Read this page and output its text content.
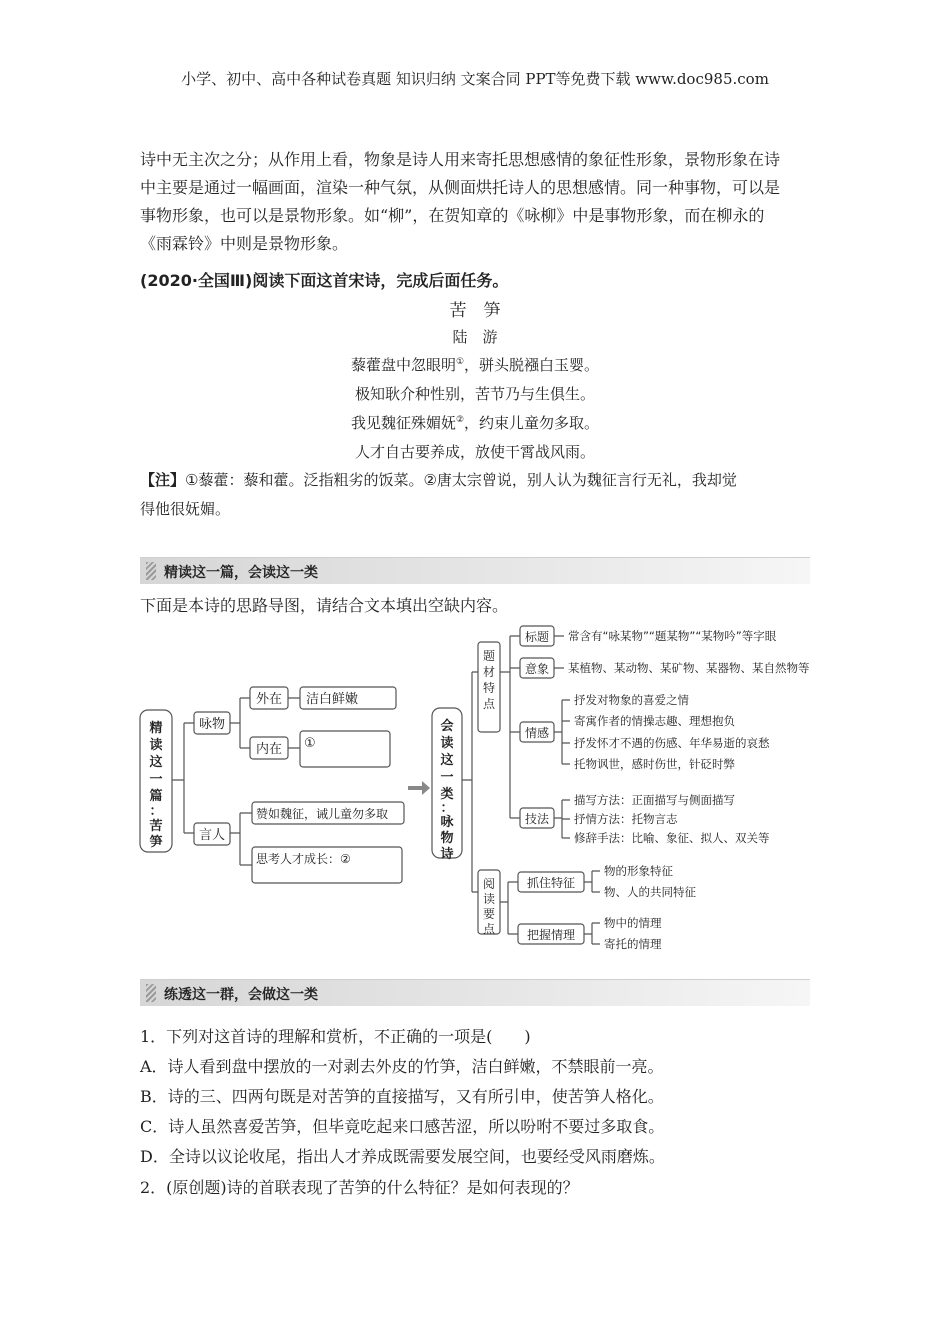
小学、初中、高中各种试卷真题 知识归纳 文案合同 PPT等免费下载 www.doc985.com
诗中无主次之分；从作用上看，物象是诗人用来寄托思想感情的象征性形象，景物形象在诗
中主要是通过一幅画面，渲染一种气氛，从侧面烘托诗人的思想感情。同一种事物，可以是
事物形象，也可以是景物形象。如“柳”，在贺知章的《咏柳》中是事物形象，而在柳永的
《雨霖铃》中则是景物形象。
(2020·全国Ⅲ)阅读下面这首宋诗，完成后面任务。
苦　笋
陆　游
藜藿盘中忽眼明①，骈头脱襁白玉婴。
极知耿介种性别，苦节乃与生俱生。
我见魏征殊媚妩②，约束儿童勿多取。
人才自古要养成，放使干霄战风雨。
【注】①藜藿：藜和藿。泛指粗劣的饭菜。②唐太宗曾说，别人认为魏征言行无礼，我却觉
得他很妩媚。
精读这一篇，会读这一类
下面是本诗的思路导图，请结合文本填出空缺内容。
精读这一篇：苦笋
咏物
言人
外在
内在
洁白鲜嫩
①
赞如魏征，诫儿童勿多取
思考人才成长：②
会读这一类：咏物诗
题材特点
阅读要点
标题
意象
情感
技法
抓住特征
把握情理
常含有“咏某物”“题某物”“某物吟”等字眼
某植物、某动物、某矿物、某器物、某自然物等
抒发对物象的喜爱之情
寄寓作者的情操志趣、理想抱负
抒发怀才不遇的伤感、年华易逝的哀愁
托物讽世，感时伤世，针砭时弊
描写方法：正面描写与侧面描写
抒情方法：托物言志
修辞手法：比喻、象征、拟人、双关等
物的形象特征
物、人的共同特征
物中的情理
寄托的情理
练透这一群，会做这一类
1．下列对这首诗的理解和赏析，不正确的一项是(　　)
A．诗人看到盘中摆放的一对剥去外皮的竹笋，洁白鲜嫩，不禁眼前一亮。
B．诗的三、四两句既是对苦笋的直接描写，又有所引申，使苦笋人格化。
C．诗人虽然喜爱苦笋，但毕竟吃起来口感苦涩，所以吩咐不要过多取食。
D．全诗以议论收尾，指出人才养成既需要发展空间，也要经受风雨磨炼。
2．(原创题)诗的首联表现了苦笋的什么特征？是如何表现的？
